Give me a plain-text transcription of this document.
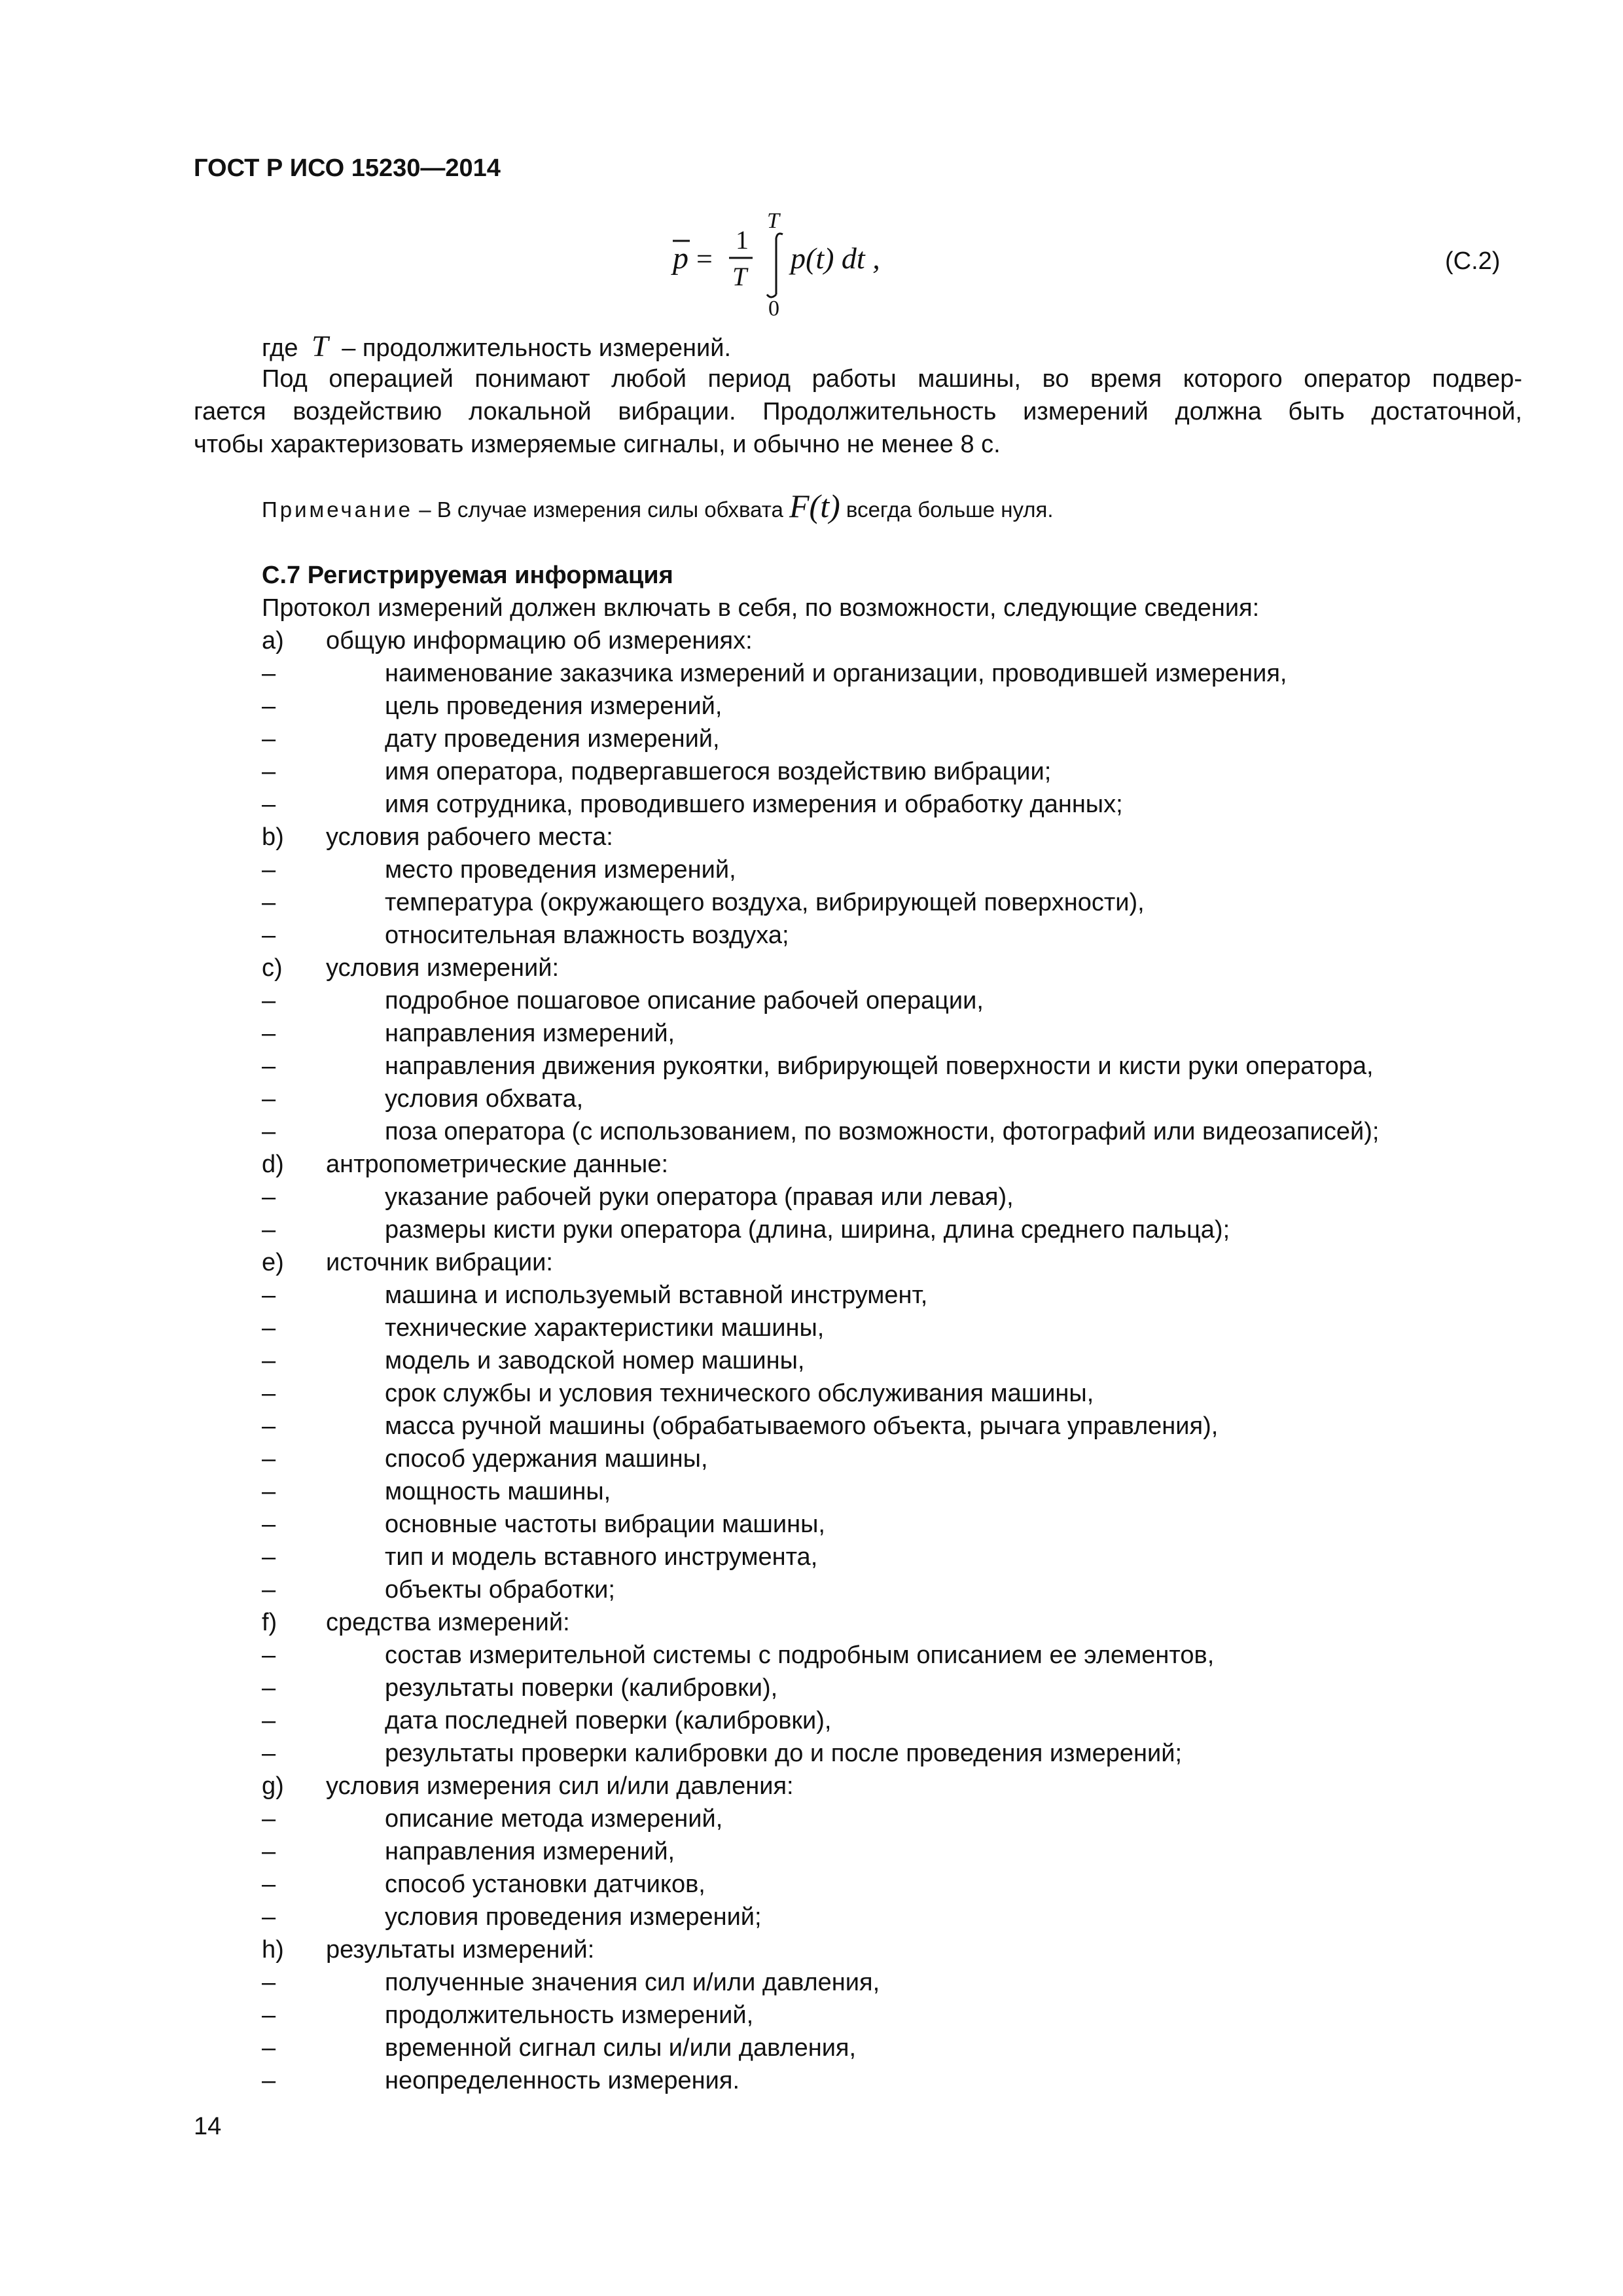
ГОСТ Р ИСО 15230—2014
p =
1
T
T
0
p(t) dt ,	(C.2)
где T – продолжительность измерений.
Под операцией понимают любой период работы машины, во время которого оператор подвер-
гается воздействию локальной вибрации. Продолжительность измерений должна быть достаточной,
чтобы характеризовать измеряемые сигналы, и обычно не менее 8 с.
Примечание – В случае измерения силы обхвата F(t) всегда больше нуля.
С.7 Регистрируемая информация
Протокол измерений должен включать в себя, по возможности, следующие сведения:
a) общую информацию об измерениях:
–	наименование заказчика измерений и организации, проводившей измерения,
–	цель проведения измерений,
–	дату проведения измерений,
–	имя оператора, подвергавшегося воздействию вибрации;
–	имя сотрудника, проводившего измерения и обработку данных;
b) условия рабочего места:
–	место проведения измерений,
–	температура (окружающего воздуха, вибрирующей поверхности),
–	относительная влажность воздуха;
c) условия измерений:
–	подробное пошаговое описание рабочей операции,
–	направления измерений,
–	направления движения рукоятки, вибрирующей поверхности и кисти руки оператора,
–	условия обхвата,
–	поза оператора (с использованием, по возможности, фотографий или видеозаписей);
d) антропометрические данные:
–	указание рабочей руки оператора (правая или левая),
–	размеры кисти руки оператора (длина, ширина, длина среднего пальца);
e) источник вибрации:
–	машина и используемый вставной инструмент,
–	технические характеристики машины,
–	модель и заводской номер машины,
–	срок службы и условия технического обслуживания машины,
–	масса ручной машины (обрабатываемого объекта, рычага управления),
–	способ удержания машины,
–	мощность машины,
–	основные частоты вибрации машины,
–	тип и модель вставного инструмента,
–	объекты обработки;
f) средства измерений:
–	состав измерительной системы с подробным описанием ее элементов,
–	результаты поверки (калибровки),
–	дата последней поверки (калибровки),
–	результаты проверки калибровки до и после проведения измерений;
g) условия измерения сил и/или давления:
–	описание метода измерений,
–	направления измерений,
–	способ установки датчиков,
–	условия проведения измерений;
h) результаты измерений:
–	полученные значения сил и/или давления,
–	продолжительность измерений,
–	временной сигнал силы и/или давления,
–	неопределенность измерения.
14
